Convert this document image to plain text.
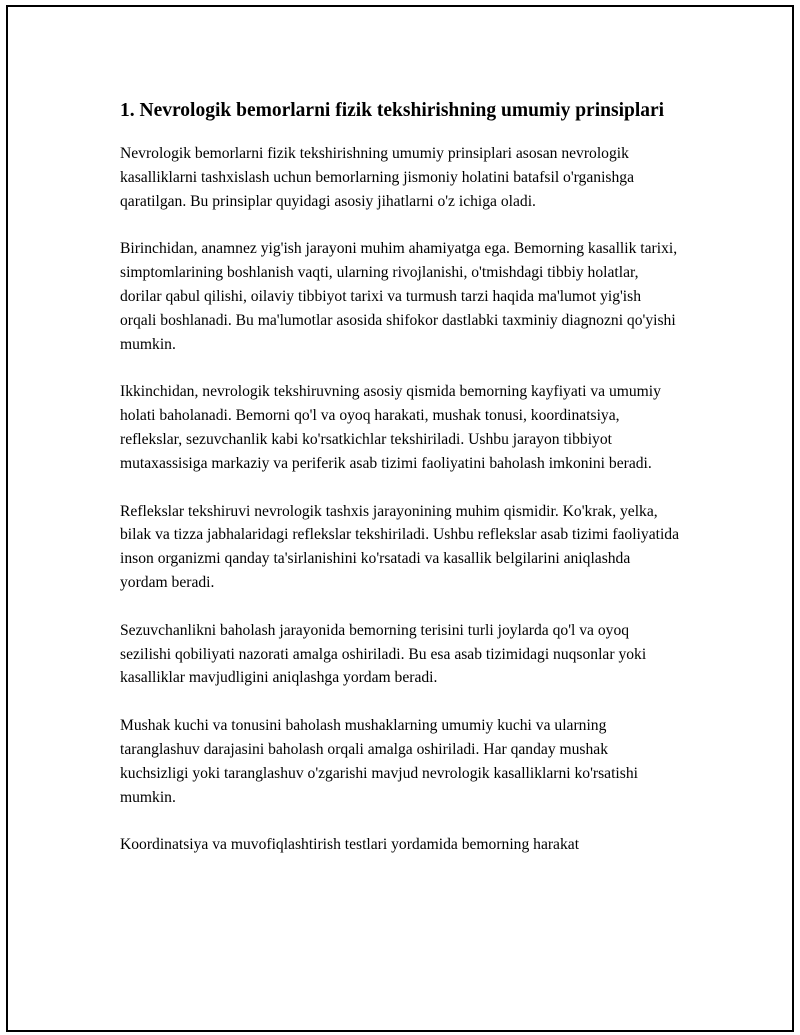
1. Nevrologik bemorlarni fizik tekshirishning umumiy prinsiplari

Nevrologik bemorlarni fizik tekshirishning umumiy prinsiplari asosan nevrologik kasalliklarni tashxislash uchun bemorlarning jismoniy holatini batafsil o'rganishga qaratilgan. Bu prinsiplar quyidagi asosiy jihatlarni o'z ichiga oladi.

Birinchidan, anamnez yig'ish jarayoni muhim ahamiyatga ega. Bemorning kasallik tarixi, simptomlarining boshlanish vaqti, ularning rivojlanishi, o'tmishdagi tibbiy holatlar, dorilar qabul qilishi, oilaviy tibbiyot tarixi va turmush tarzi haqida ma'lumot yig'ish orqali boshlanadi. Bu ma'lumotlar asosida shifokor dastlabki taxminiy diagnozni qo'yishi mumkin.

Ikkinchidan, nevrologik tekshiruvning asosiy qismida bemorning kayfiyati va umumiy holati baholanadi. Bemorni qo'l va oyoq harakati, mushak tonusi, koordinatsiya, reflekslar, sezuvchanlik kabi ko'rsatkichlar tekshiriladi. Ushbu jarayon tibbiyot mutaxassisiga markaziy va periferik asab tizimi faoliyatini baholash imkonini beradi.

Reflekslar tekshiruvi nevrologik tashxis jarayonining muhim qismidir. Ko'krak, yelka, bilak va tizza jabhalaridagi reflekslar tekshiriladi. Ushbu reflekslar asab tizimi faoliyatida inson organizmi qanday ta'sirlanishini ko'rsatadi va kasallik belgilarini aniqlashda yordam beradi.

Sezuvchanlikni baholash jarayonida bemorning terisini turli joylarda qo'l va oyoq sezilishi qobiliyati nazorati amalga oshiriladi. Bu esa asab tizimidagi nuqsonlar yoki kasalliklar mavjudligini aniqlashga yordam beradi.

Mushak kuchi va tonusini baholash mushaklarning umumiy kuchi va ularning taranglashuv darajasini baholash orqali amalga oshiriladi. Har qanday mushak kuchsizligi yoki taranglashuv o'zgarishi mavjud nevrologik kasalliklarni ko'rsatishi mumkin.

Koordinatsiya va muvofiqlashtirish testlari yordamida bemorning harakat
